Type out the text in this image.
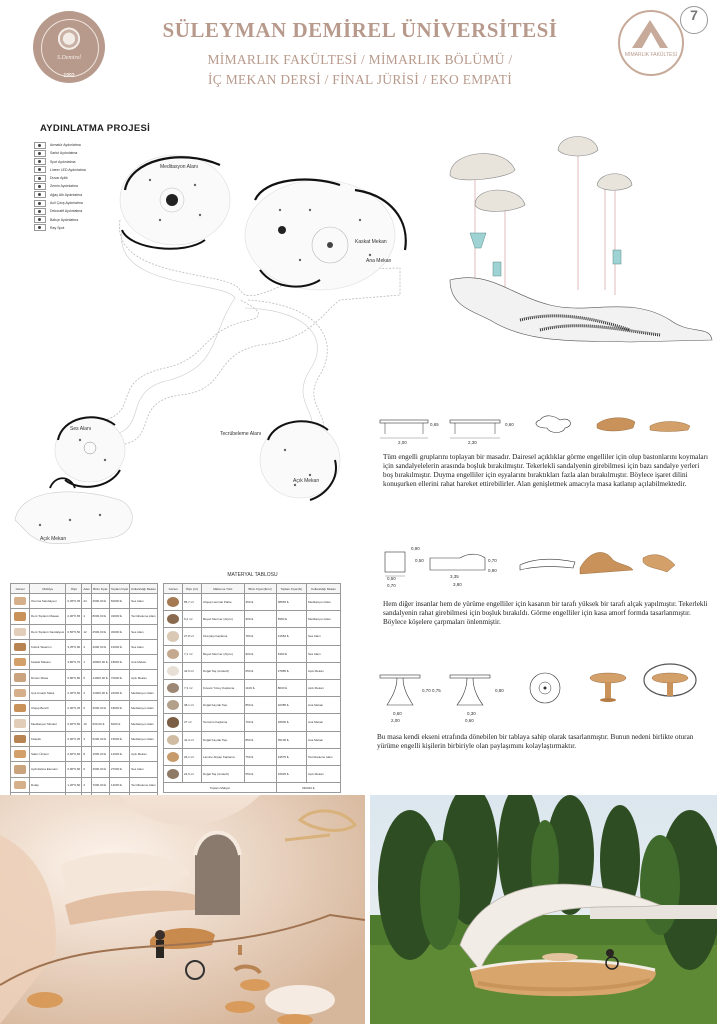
S.Demirel
1992
SÜLEYMAN DEMİREL ÜNİVERSİTESİ
MİMARLIK FAKÜLTESİ / MİMARLIK BÖLÜMÜ /
İÇ MEKAN DERSİ / FİNAL JÜRİSİ / EKO EMPATİ
MİMARLIK FAKÜLTESİ
7
AYDINLATMA PROJESİ
Meditasyon Alanı
Kaskat Mekan
Ana Mekan
Ses Alanı
Tecrübeleme Alanı
Açık Mekan
Açık Mekan
Armatür Aydınlatma
Sarkıt Aydınlatma
Spot Aydınlatma
Lineer LED Aydınlatma
Duvar Aplik
Zemin Aydınlatma
Ağaç Altı Aydınlatma
Acil Çıkış Aydınlatma
Dekoratif Aydınlatma
Bahçe Aydınlatma
Ray Spot
2,00
0,65
2,30
0,60
Tüm engelli gruplarını toplayan bir masadır. Dairesel açıklıklar görme engelliler için olup bastonlarını koymaları için sandalyelelerin arasında boşluk bırakılmıştır. Tekerlekli sandalyenin girebilmesi için bazı sandalye yerleri boş bırakılmıştır. Duyma engelliler için eşyalarını bıraktıkları fazla alan bırakılmıştır. Böylece işaret dilini konuşurken ellerini rahat hareket ettirebilirler. Alan genişletmek amacıyla masa katlanıp açılabilmektedir.
0,50
0,90
0,50
0,70
3,35
0,70
3,80
0,90
Hem diğer insanlar hem de yürüme engelliler için kasanın bir tarafı yüksek bir tarafı alçak yapılmıştır. Tekerlekli sandalyenin rahat girebilmesi için boşluk bırakıldı. Görme engelliler için kasa amorf formda tasarlanmıştır. Böylece köşelere çarpmaları önlenmiştir.
0,70 0,75
0,60
0,80
0,30
0,60
2,00
Bu masa kendi ekseni etrafında dönebilen bir tablaya sahip olarak tasarlanmıştır. Bunun nedeni birlikte oturan yürüme engelli kişilerin birbiriyle olan paylaşımını kolaylaştırmaktır.
MATERYAL TABLOSU
Görsel	Mobilya	Ölçü	Adet	Birim Fiyat	Toplam Fiyat	Kullanıldığı Mekan

	Oturma Sandalyesi	0,45*0,45	24	2500,00 ₺	60000 ₺	Ses Alanı

	Ders Toplantı Masası	2,00*0,65	4	8000,00 ₺	32000 ₺	Tecrübeleme Alanı

	Ders Toplantı Sandalyesi	0,50*0,50	12	2500,00 ₺	30000 ₺	Ses Alanı

	Koltuk Tasarımı	3,35*0,90	4	4000,00 ₺	16000 ₺	Ses Alanı

	Kaskat Masası	3,80*0,70	1	18000,00 ₺	18000 ₺	Ana Mekan

	Dönen Masa	0,80*0,80	5	14000,00 ₺	70000 ₺	Açık Mekan

	Çok Amaçlı Masa	2,30*0,60	2	12000,00 ₺	24000 ₺	Meditasyon Alanı

	Ahşap Bench	2,00*0,45	6	3000,00 ₺	18000 ₺	Meditasyon Alanı

	Meditasyon Minderi	0,60*0,60	10	600,00 ₺	6000 ₺	Meditasyon Alanı

	Kitaplık	2,00*0,35	3	5200,00 ₺	15600 ₺	Meditasyon Alanı

	Saksı Ünitesi	0,60*0,60	8	1500,00 ₺	12000 ₺	Açık Mekan

	Aydınlatma Elemanı	0,90*0,90	6	4500,00 ₺	27000 ₺	Ses Alanı

	Dolap	1,20*0,60	2	7000,00 ₺	14000 ₺	Tecrübeleme Alanı

Görsel	Ölçü (m²)	Malzeme Türü	Birim Fiyat (₺/m²)	Toplam Fiyat (₺)	Kullanıldığı Mekan

	85,7 m²	Ahşap Laminat Parke	450 ₺	38565 ₺	Meditasyon Alanı

	6,2 m²	Beyaz Mermer (Afyon)	900 ₺	5580 ₺	Meditasyon Alanı

	27,8 m²	Kireçtaşı Kaplama	780 ₺	21684 ₺	Ses Alanı

	7,1 m²	Beyaz Mermer (Afyon)	900 ₺	6390 ₺	Ses Alanı

	42,9 m²	Doğal Taş (Andezit)	650 ₺	27885 ₺	Açık Mekan

	7,3 m²	Kuvars Yüzey Kaplama	1100 ₺	8030 ₺	Açık Mekan

	38,1 m²	Doğal Kayrak Taşı	850 ₺	32385 ₺	Ana Mekan

	27 m²	Terrazzo Kaplama	700 ₺	18900 ₺	Ana Mekan

	41,3 m²	Doğal Kayrak Taşı	850 ₺	35105 ₺	Ana Mekan

	26,1 m²	Lamine Ahşap Kaplama	750 ₺	19575 ₺	Tecrübeleme Alanı

	24,5 m²	Doğal Taş (Andezit)	650 ₺	15925 ₺	Açık Mekan
Toplam Maliyet				230024 ₺	
